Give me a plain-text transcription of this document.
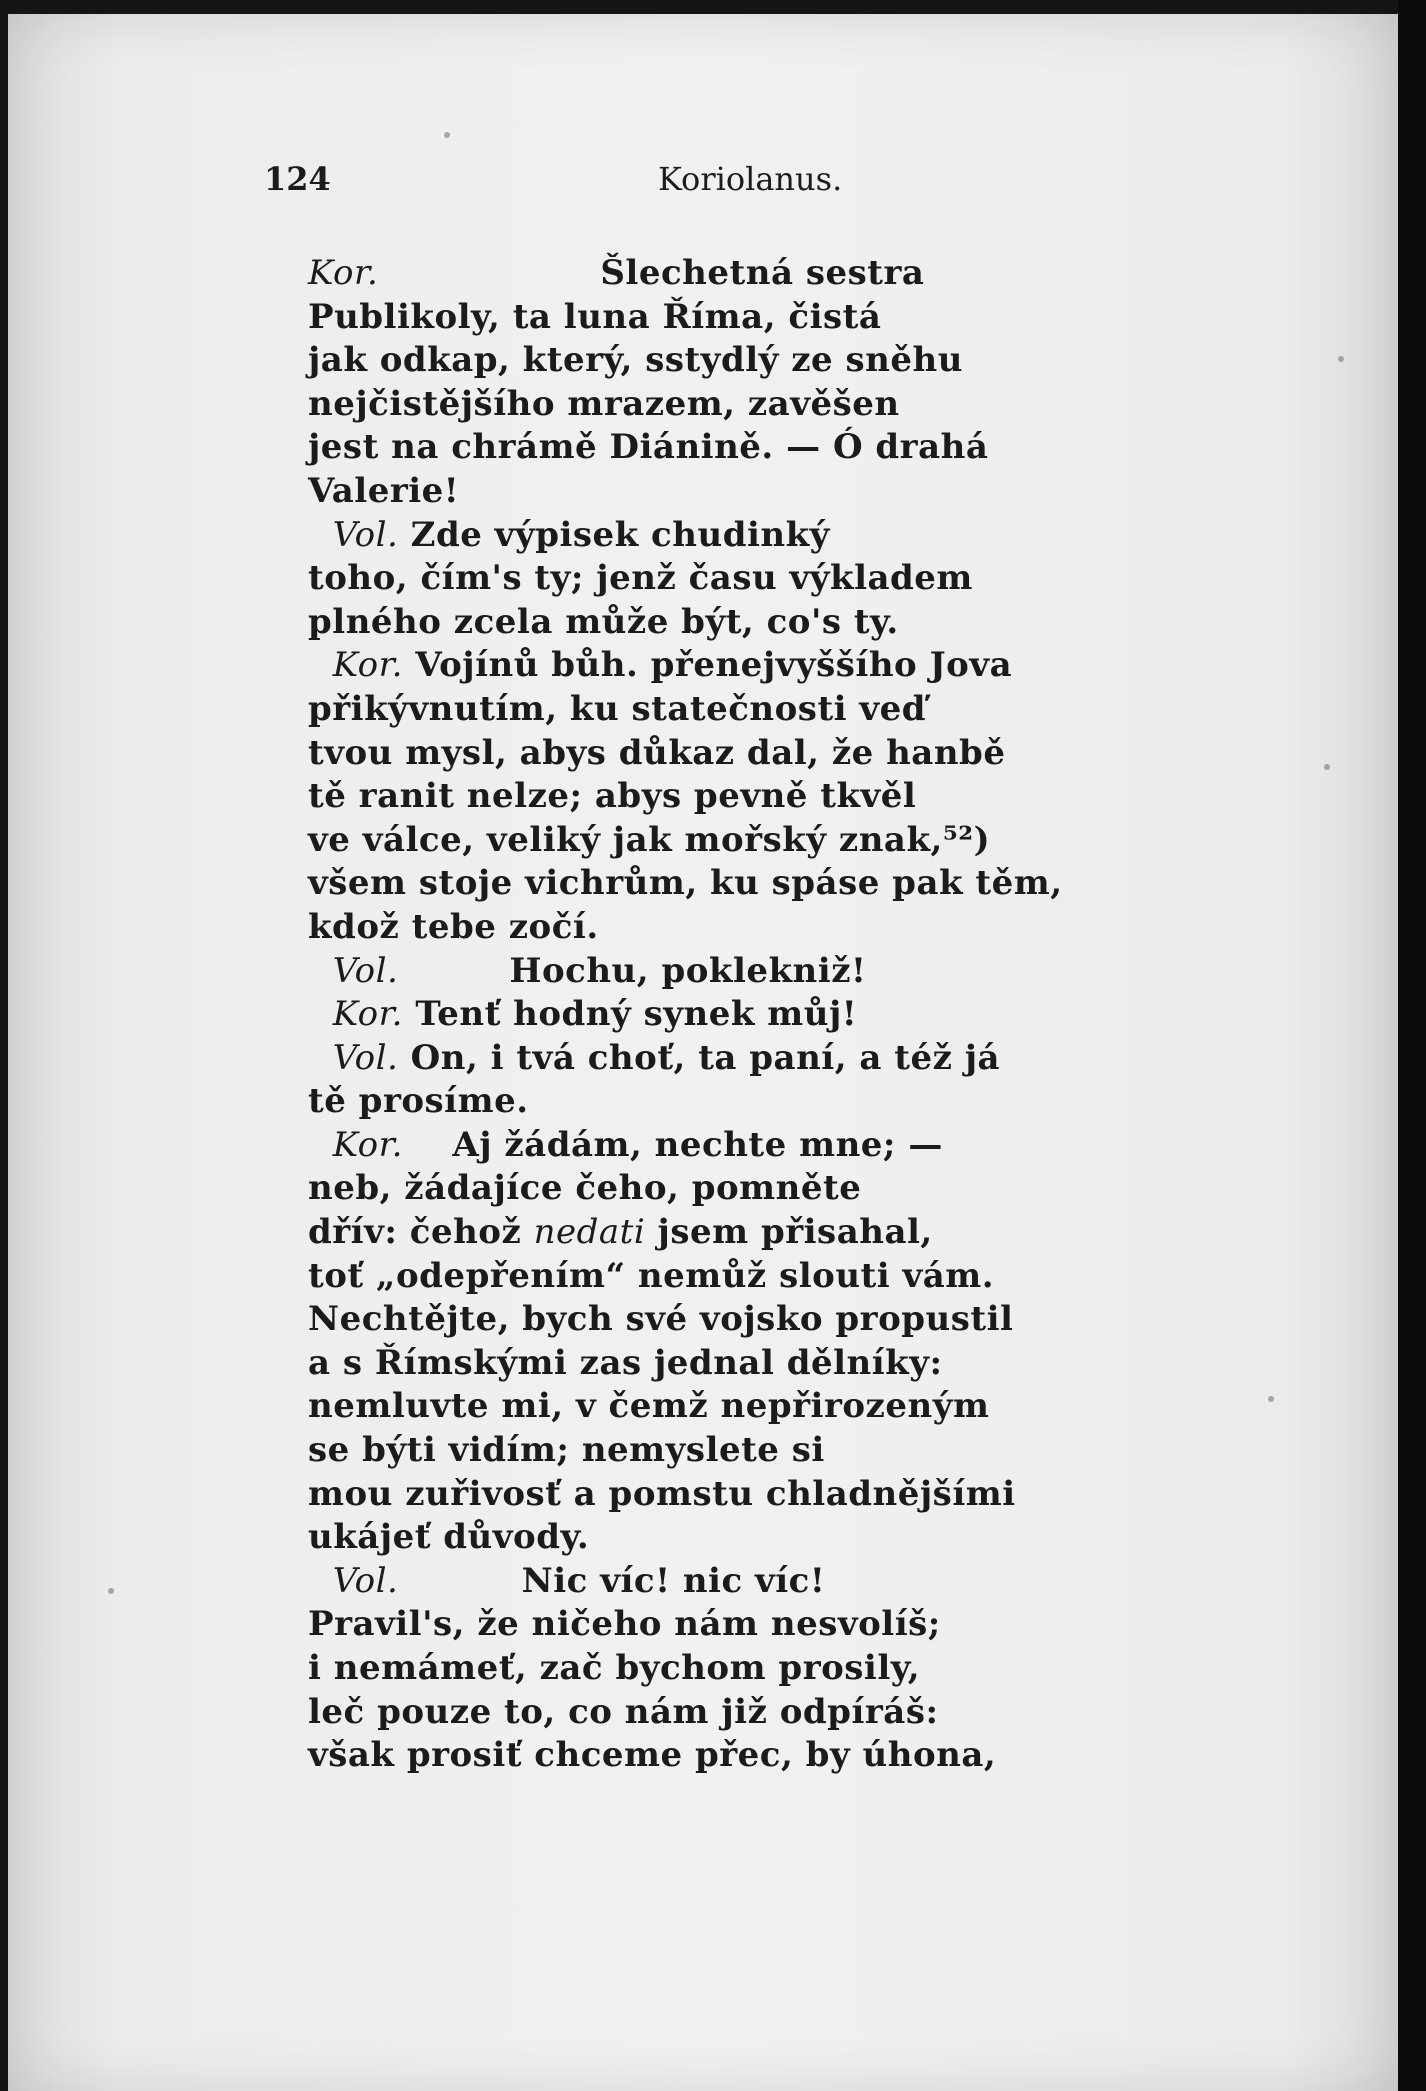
124	Koriolanus.
Kor.	Šlechetná sestra
Publikoly, ta luna Říma, čistá
jak odkap, který, sstydlý ze sněhu
nejčistějšího mrazem, zavěšen
jest na chrámě Diánině. — Ó drahá
Valerie!
Vol. Zde výpisek chudinký
toho, čím's ty; jenž času výkladem
plného zcela může být, co's ty.
Kor. Vojínů bůh. přenejvyššího Jova
přikývnutím, ku statečnosti veď
tvou mysl, abys důkaz dal, že hanbě
tě ranit nelze; abys pevně tkvěl
ve válce, veliký jak mořský znak,⁵²)
všem stoje vichrům, ku spáse pak těm,
kdož tebe zočí.
Vol.	Hochu, pokleknіž!
Kor. Tenť hodný synek můj!
Vol. On, i tvá choť, ta paní, a též já
tě prosíme.
Kor. Aj žádám, nechte mne; —
neb, žádajíce čeho, pomněte
dřív: čehož nedati jsem přisahal,
toť „odepřením“ nemůž slouti vám.
Nechtějte, bych své vojsko propustil
a s Římskými zas jednal dělníky:
nemluvte mi, v čemž nepřirozeným
se býti vidím; nemyslete si
mou zuřivosť a pomstu chladnějšími
ukájeť důvody.
Vol.	Nic víc! nic víc!
Pravil's, že ničeho nám nesvolíš;
i nemámeť, zač bychom prosily,
leč pouze to, co nám již odpíráš:
však prosiť chceme přec, by úhona,
